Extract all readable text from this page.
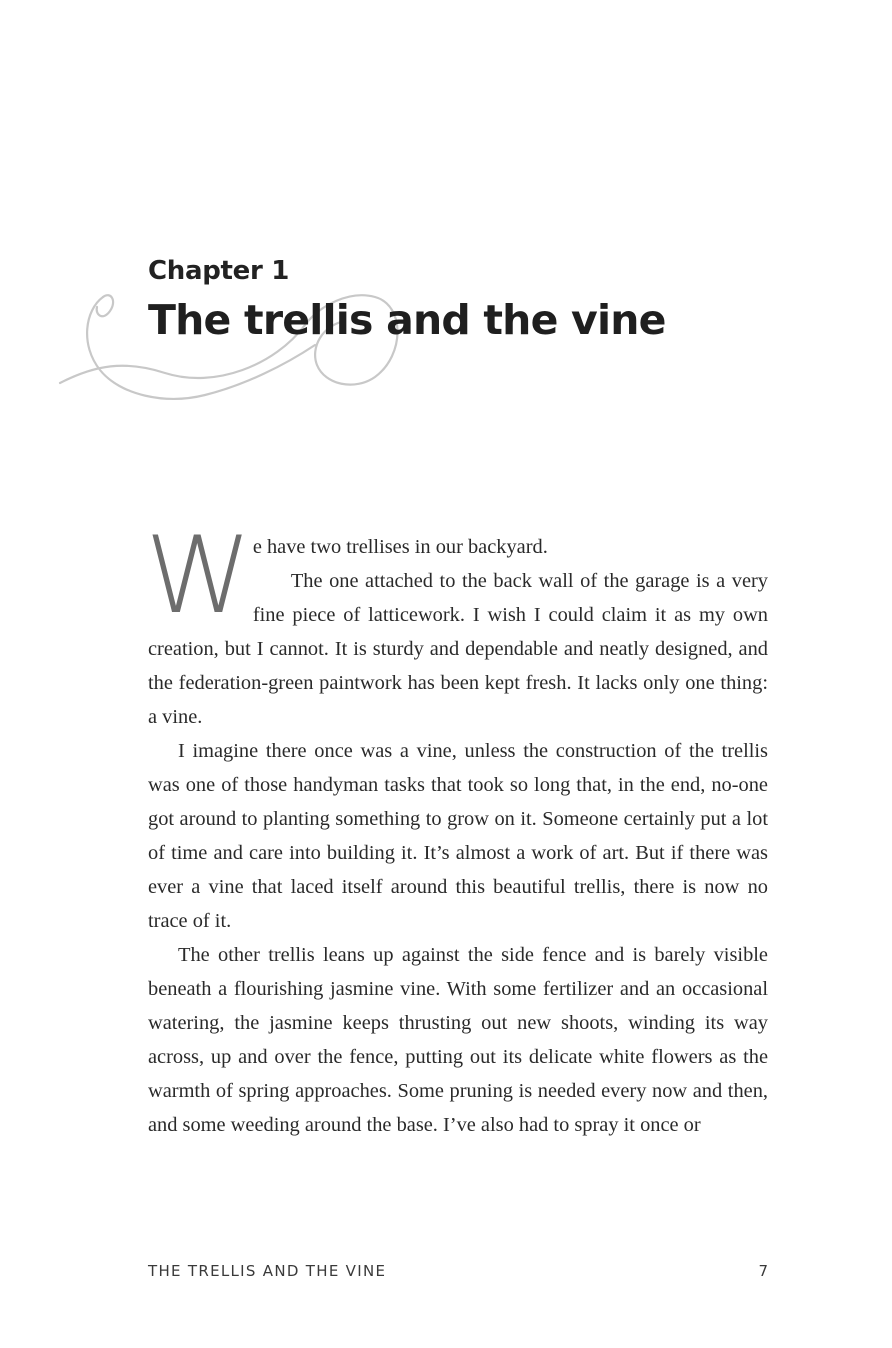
Chapter 1
The trellis and the vine

We have two trellises in our backyard.
The one attached to the back wall of the garage is a very fine piece of latticework. I wish I could claim it as my own creation, but I cannot. It is sturdy and dependable and neatly designed, and the federation-green paintwork has been kept fresh. It lacks only one thing: a vine.

I imagine there once was a vine, unless the construction of the trellis was one of those handyman tasks that took so long that, in the end, no-one got around to planting something to grow on it. Someone certainly put a lot of time and care into building it. It’s almost a work of art. But if there was ever a vine that laced itself around this beautiful trellis, there is now no trace of it.

The other trellis leans up against the side fence and is barely visible beneath a flourishing jasmine vine. With some fertilizer and an occasional watering, the jasmine keeps thrusting out new shoots, winding its way across, up and over the fence, putting out its delicate white flowers as the warmth of spring approaches. Some pruning is needed every now and then, and some weeding around the base. I’ve also had to spray it once or

THE TRELLIS AND THE VINE	7
